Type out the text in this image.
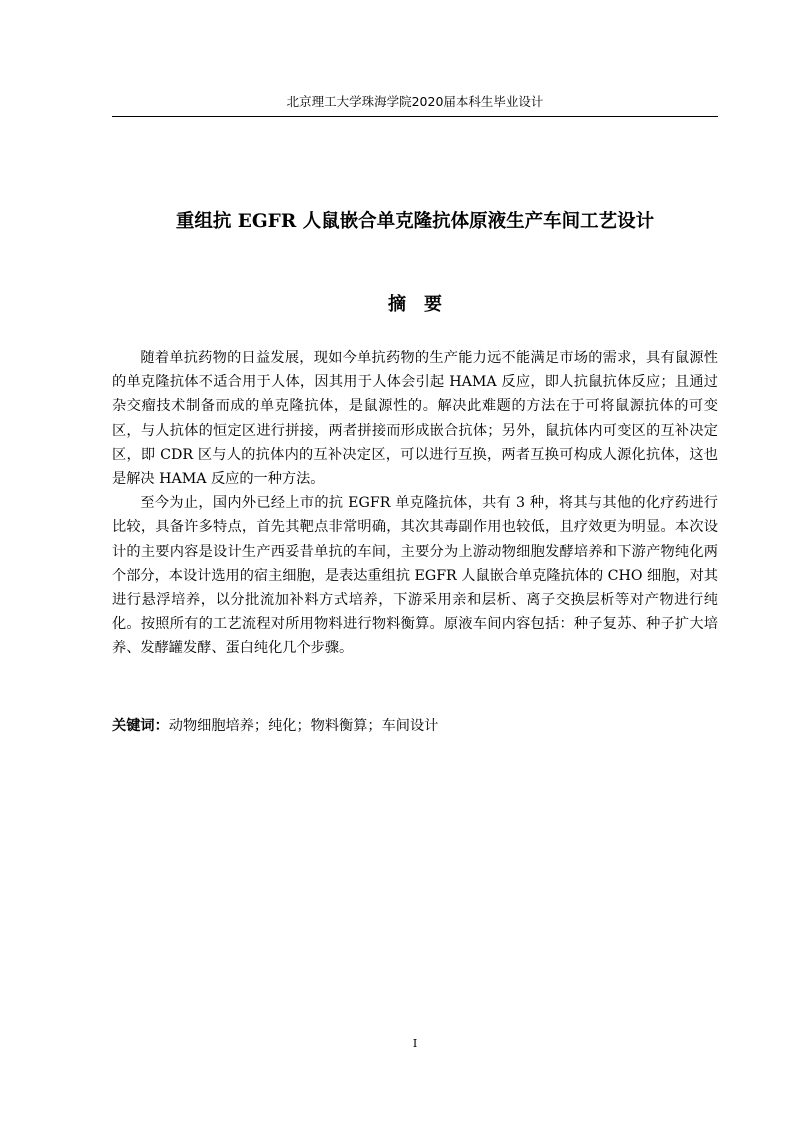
北京理工大学珠海学院2020届本科生毕业设计
重组抗 EGFR 人鼠嵌合单克隆抗体原液生产车间工艺设计
摘要

随着单抗药物的日益发展，现如今单抗药物的生产能力远不能满足市场的需求，具有鼠源性的单克隆抗体不适合用于人体，因其用于人体会引起 HAMA 反应，即人抗鼠抗体反应；且通过杂交瘤技术制备而成的单克隆抗体，是鼠源性的。解决此难题的方法在于可将鼠源抗体的可变区，与人抗体的恒定区进行拼接，两者拼接而形成嵌合抗体；另外，鼠抗体内可变区的互补决定区，即 CDR 区与人的抗体内的互补决定区，可以进行互换，两者互换可构成人源化抗体，这也是解决 HAMA 反应的一种方法。

至今为止，国内外已经上市的抗 EGFR 单克隆抗体，共有 3 种，将其与其他的化疗药进行比较，具备许多特点，首先其靶点非常明确，其次其毒副作用也较低，且疗效更为明显。本次设计的主要内容是设计生产西妥昔单抗的车间，主要分为上游动物细胞发酵培养和下游产物纯化两个部分，本设计选用的宿主细胞，是表达重组抗 EGFR 人鼠嵌合单克隆抗体的 CHO 细胞，对其进行悬浮培养，以分批流加补料方式培养，下游采用亲和层析、离子交换层析等对产物进行纯化。按照所有的工艺流程对所用物料进行物料衡算。原液车间内容包括：种子复苏、种子扩大培养、发酵罐发酵、蛋白纯化几个步骤。

关键词：动物细胞培养；纯化；物料衡算；车间设计
I
